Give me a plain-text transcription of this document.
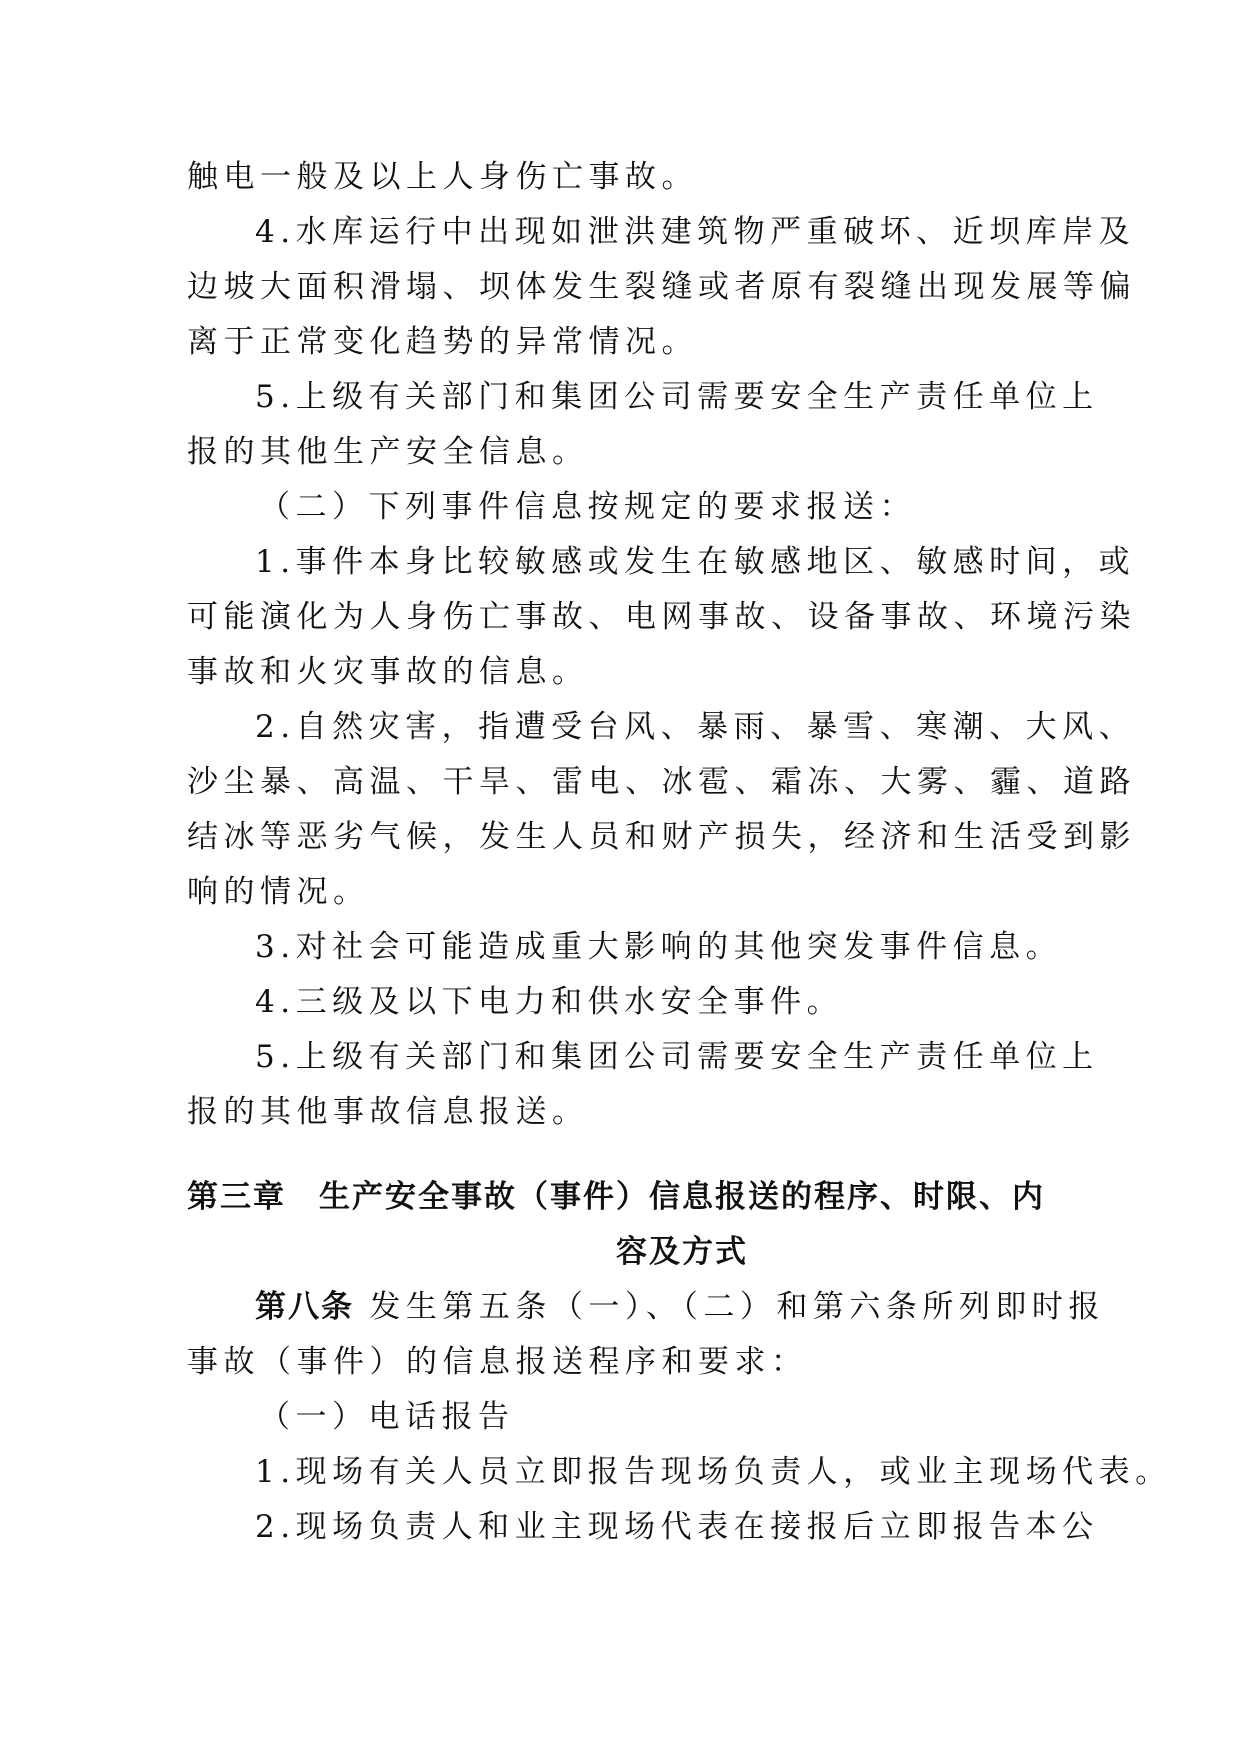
触电一般及以上人身伤亡事故。
4.水库运行中出现如泄洪建筑物严重破坏、近坝库岸及
边坡大面积滑塌、坝体发生裂缝或者原有裂缝出现发展等偏
离于正常变化趋势的异常情况。
5.上级有关部门和集团公司需要安全生产责任单位上
报的其他生产安全信息。
（二）下列事件信息按规定的要求报送：
1.事件本身比较敏感或发生在敏感地区、敏感时间，或
可能演化为人身伤亡事故、电网事故、设备事故、环境污染
事故和火灾事故的信息。
2.自然灾害，指遭受台风、暴雨、暴雪、寒潮、大风、
沙尘暴、高温、干旱、雷电、冰雹、霜冻、大雾、霾、道路
结冰等恶劣气候，发生人员和财产损失，经济和生活受到影
响的情况。
3.对社会可能造成重大影响的其他突发事件信息。
4.三级及以下电力和供水安全事件。
5.上级有关部门和集团公司需要安全生产责任单位上
报的其他事故信息报送。
第三章　生产安全事故（事件）信息报送的程序、时限、内
容及方式
第八条 发生第五条（一）、（二）和第六条所列即时报
事故（事件）的信息报送程序和要求：
（一）电话报告
1.现场有关人员立即报告现场负责人，或业主现场代表。
2.现场负责人和业主现场代表在接报后立即报告本公
